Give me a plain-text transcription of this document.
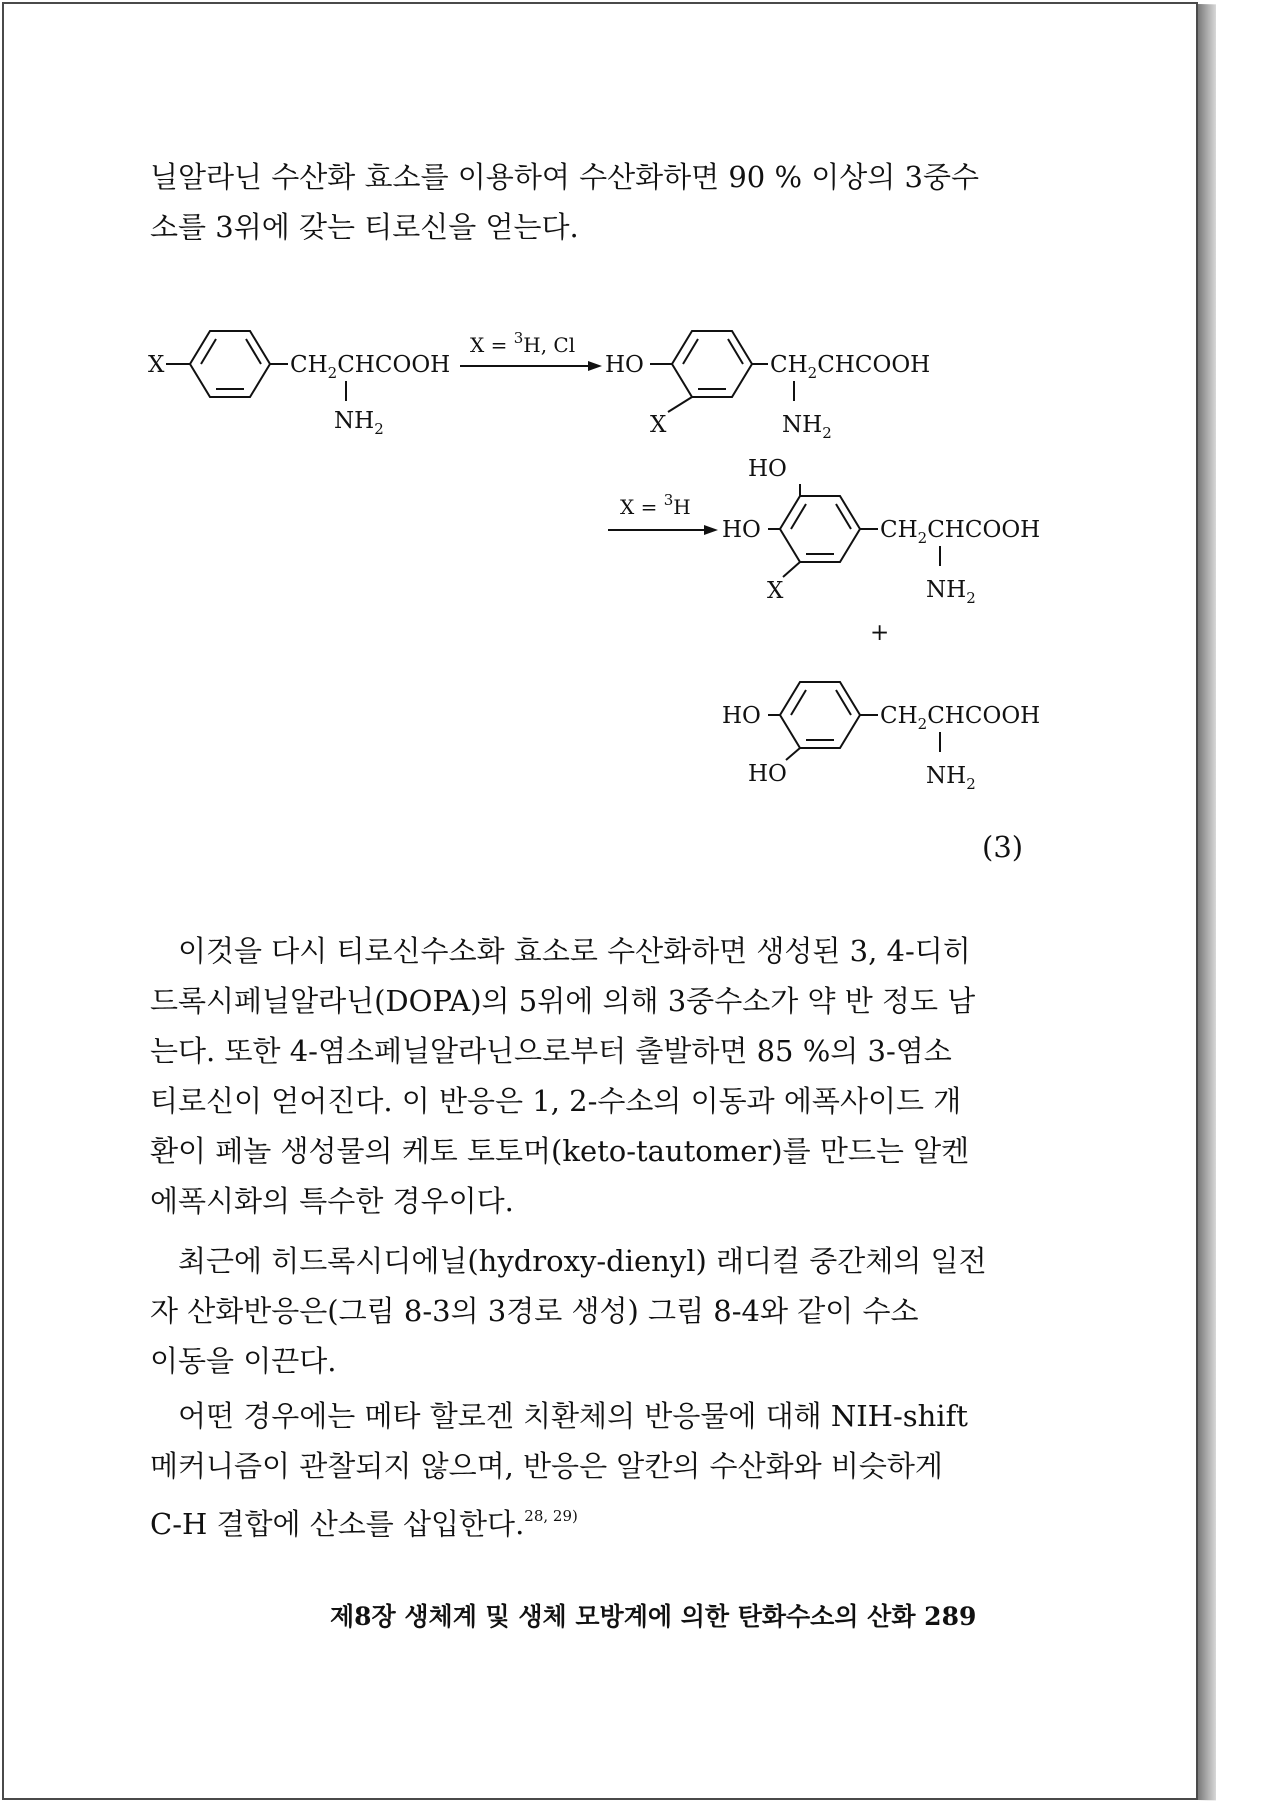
닐알라닌 수산화 효소를 이용하여 수산화하면 90 % 이상의 3중수
소를 3위에 갖는 티로신을 얻는다.

X	$CH_2CHCOOH$
$NH_2$
X = $^3$H, Cl
HO
X
$CH_2CHCOOH$
$NH_2$
X = $^3$H
HO
HO
X
$CH_2CHCOOH$
$NH_2$
+
HO
HO
$CH_2CHCOOH$
$NH_2$
(3)

이것을 다시 티로신수소화 효소로 수산화하면 생성된 3, 4-디히
드록시페닐알라닌(DOPA)의 5위에 의해 3중수소가 약 반 정도 남
는다. 또한 4-염소페닐알라닌으로부터 출발하면 85 %의 3-염소
티로신이 얻어진다. 이 반응은 1, 2-수소의 이동과 에폭사이드 개
환이 페놀 생성물의 케토 토토머(keto-tautomer)를 만드는 알켄
에폭시화의 특수한 경우이다.

최근에 히드록시디에닐(hydroxy-dienyl) 래디컬 중간체의 일전
자 산화반응은(그림 8-3의 3경로 생성) 그림 8-4와 같이 수소
이동을 이끈다.

어떤 경우에는 메타 할로겐 치환체의 반응물에 대해 NIH-shift
메커니즘이 관찰되지 않으며, 반응은 알칸의 수산화와 비슷하게
C-H 결합에 산소를 삽입한다.$^{28, 29)}$

제8장 생체계 및 생체 모방계에 의한 탄화수소의 산화 289
